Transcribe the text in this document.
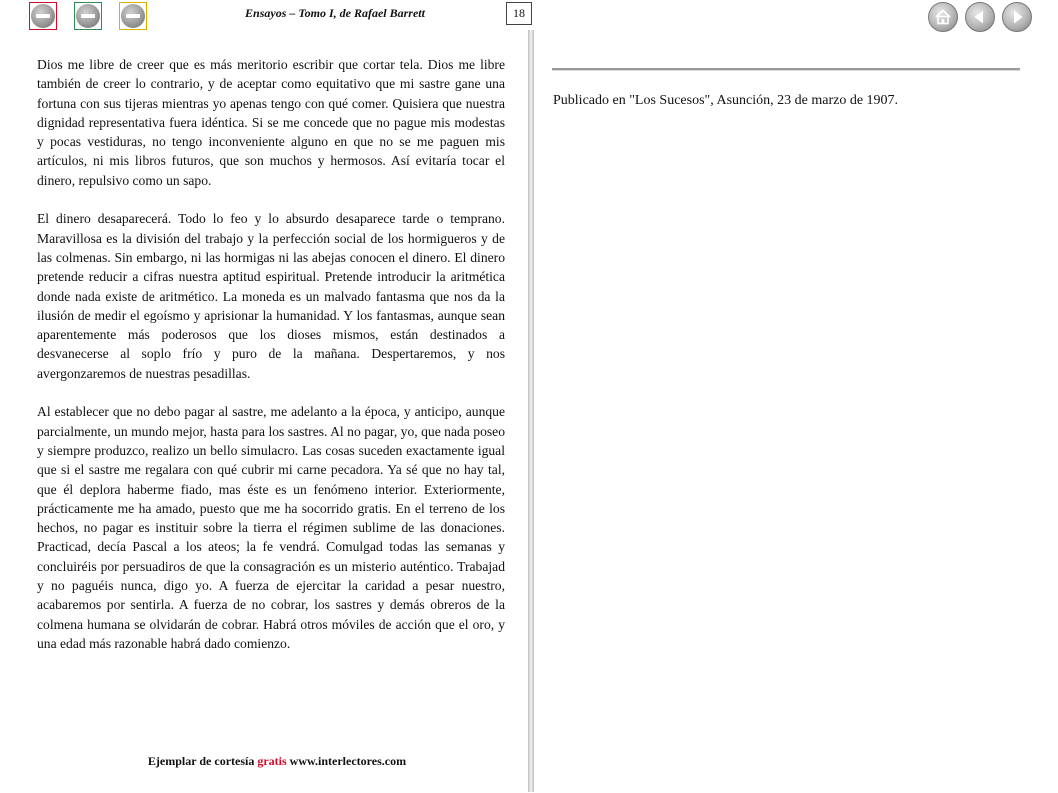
Ensayos – Tomo I, de Rafael Barrett	18

Dios me libre de creer que es más meritorio escribir que cortar tela. Dios me libre también de creer lo contrario, y de aceptar como equitativo que mi sastre gane una fortuna con sus tijeras mientras yo apenas tengo con qué comer. Quisiera que nuestra dignidad representativa fuera idéntica. Si se me concede que no pague mis modestas y pocas vestiduras, no tengo inconveniente alguno en que no se me paguen mis artículos, ni mis libros futuros, que son muchos y hermosos. Así evitaría tocar el dinero, repulsivo como un sapo.

El dinero desaparecerá. Todo lo feo y lo absurdo desaparece tarde o temprano. Maravillosa es la división del trabajo y la perfección social de los hormigueros y de las colmenas. Sin embargo, ni las hormigas ni las abejas conocen el dinero. El dinero pretende reducir a cifras nuestra aptitud espiritual. Pretende introducir la aritmética donde nada existe de aritmético. La moneda es un malvado fantasma que nos da la ilusión de medir el egoísmo y aprisionar la humanidad. Y los fantasmas, aunque sean aparentemente más poderosos que los dioses mismos, están destinados a desvanecerse al soplo frío y puro de la mañana. Despertaremos, y nos avergonzaremos de nuestras pesadillas.

Al establecer que no debo pagar al sastre, me adelanto a la época, y anticipo, aunque parcialmente, un mundo mejor, hasta para los sastres. Al no pagar, yo, que nada poseo y siempre produzco, realizo un bello simulacro. Las cosas suceden exactamente igual que si el sastre me regalara con qué cubrir mi carne pecadora. Ya sé que no hay tal, que él deplora haberme fiado, mas éste es un fenómeno interior. Exteriormente, prácticamente me ha amado, puesto que me ha socorrido gratis. En el terreno de los hechos, no pagar es instituir sobre la tierra el régimen sublime de las donaciones. Practicad, decía Pascal a los ateos; la fe vendrá. Comulgad todas las semanas y concluiréis por persuadiros de que la consagración es un misterio auténtico. Trabajad y no paguéis nunca, digo yo. A fuerza de ejercitar la caridad a pesar nuestro, acabaremos por sentirla. A fuerza de no cobrar, los sastres y demás obreros de la colmena humana se olvidarán de cobrar. Habrá otros móviles de acción que el oro, y una edad más razonable habrá dado comienzo.

Ejemplar de cortesía gratis www.interlectores.com
Publicado en "Los Sucesos", Asunción, 23 de marzo de 1907.
